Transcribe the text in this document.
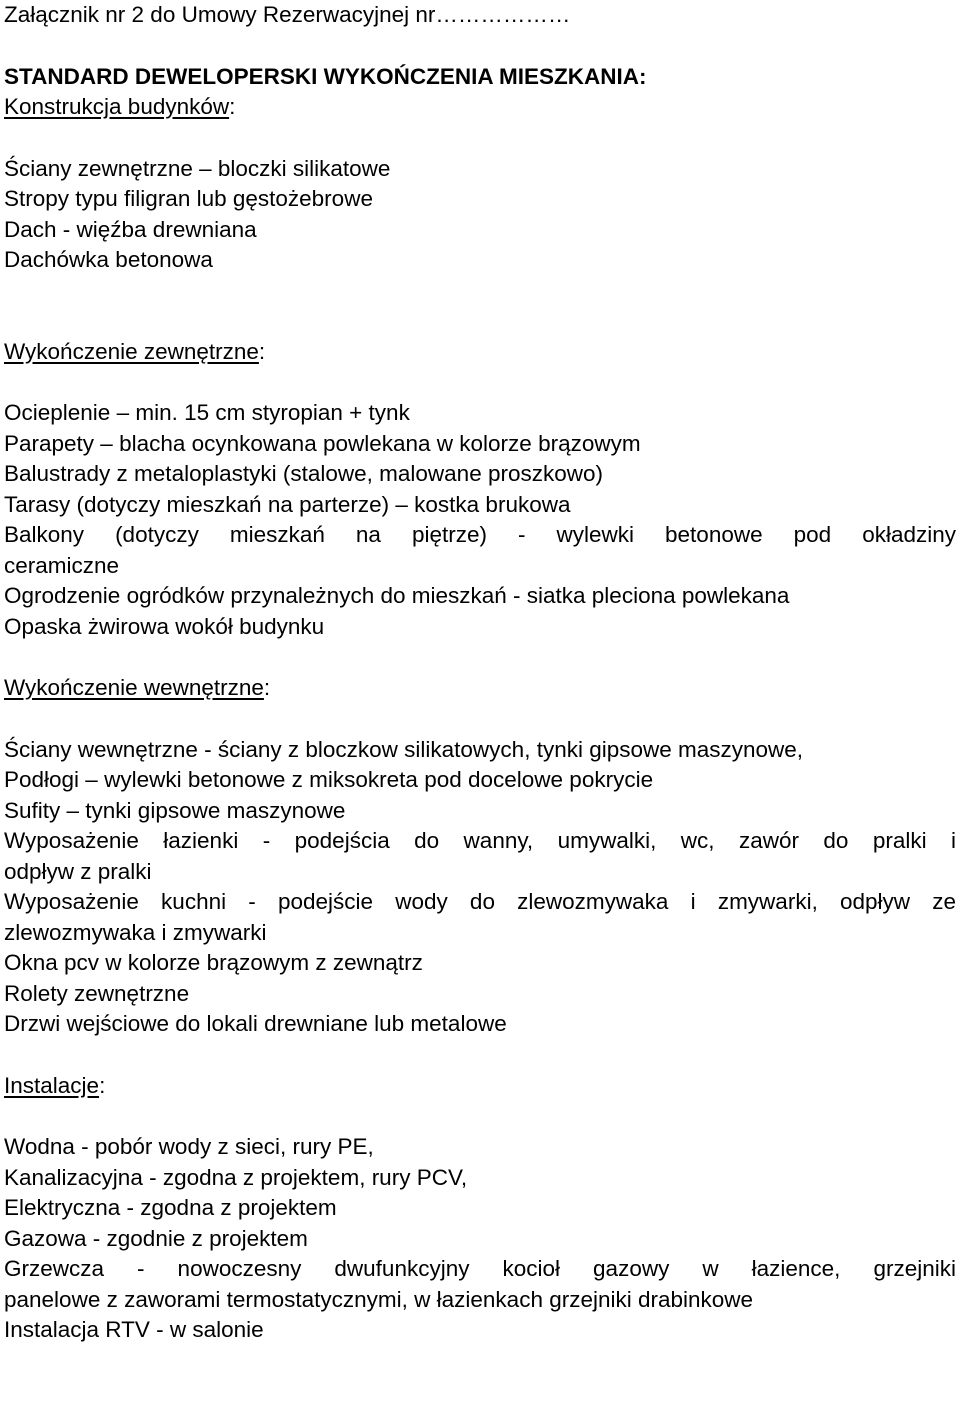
Załącznik nr 2 do Umowy Rezerwacyjnej nr………………
STANDARD DEWELOPERSKI WYKOŃCZENIA MIESZKANIA:
Konstrukcja budynków:
Ściany zewnętrzne – bloczki silikatowe
Stropy typu filigran lub gęstożebrowe
Dach - więźba drewniana
Dachówka betonowa
Wykończenie zewnętrzne:
Ocieplenie – min. 15 cm styropian + tynk
Parapety – blacha ocynkowana powlekana w kolorze brązowym
Balustrady z metaloplastyki (stalowe, malowane proszkowo)
Tarasy (dotyczy mieszkań na parterze) – kostka brukowa
Balkony (dotyczy mieszkań na piętrze) - wylewki betonowe pod okładziny
ceramiczne
Ogrodzenie ogródków przynależnych do mieszkań - siatka pleciona powlekana
Opaska żwirowa wokół budynku
Wykończenie wewnętrzne:
Ściany wewnętrzne - ściany z bloczkow silikatowych, tynki gipsowe maszynowe,
Podłogi – wylewki betonowe z miksokreta pod docelowe pokrycie
Sufity – tynki gipsowe maszynowe
Wyposażenie łazienki - podejścia do wanny, umywalki, wc, zawór do pralki i
odpływ z pralki
Wyposażenie kuchni - podejście wody do zlewozmywaka i zmywarki, odpływ ze
zlewozmywaka i zmywarki
Okna pcv w kolorze brązowym z zewnątrz
Rolety zewnętrzne
Drzwi wejściowe do lokali drewniane lub metalowe
Instalacje:
Wodna - pobór wody z sieci, rury PE,
Kanalizacyjna - zgodna z projektem, rury PCV,
Elektryczna - zgodna z projektem
Gazowa - zgodnie z projektem
Grzewcza - nowoczesny dwufunkcyjny kocioł gazowy w łazience, grzejniki
panelowe z zaworami termostatycznymi, w łazienkach grzejniki drabinkowe
Instalacja RTV - w salonie
